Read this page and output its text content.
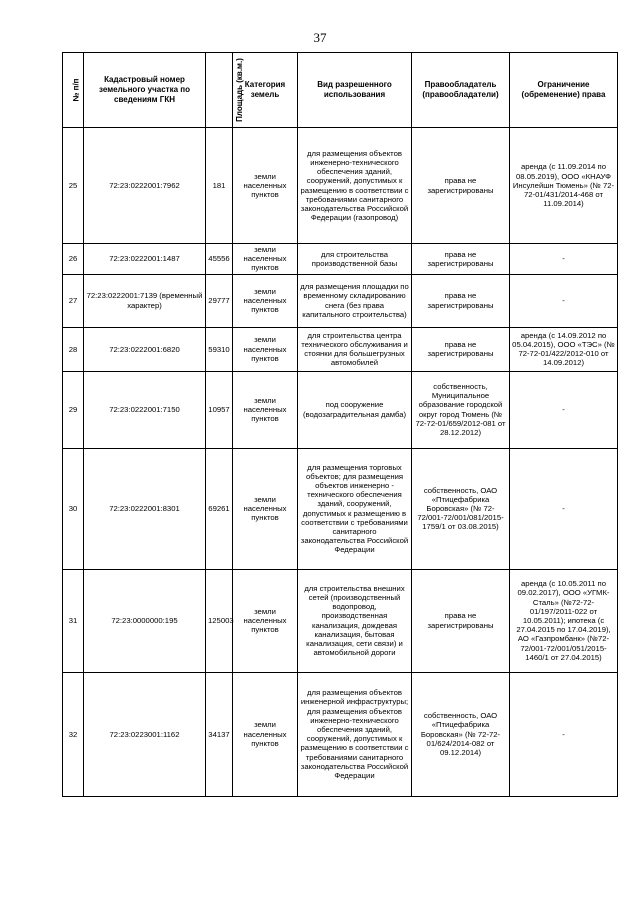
37
№ п/п	Кадастровый номер земельного участка по сведениям ГКН	Площадь (кв.м.)	Категория земель	Вид разрешенного использования	Правообладатель (правообладатели)	Ограничение (обременение) права
25	72:23:0222001:7962	181	земли населенных пунктов	для размещения объектов инженерно-технического обеспечения зданий, сооружений, допустимых к размещению в соответствии с требованиями санитарного законодательства Российской Федерации (газопровод)	права не зарегистрированы	аренда (с 11.09.2014 по 08.05.2019), ООО «КНАУФ Инсулейшн Тюмень» (№ 72-72-01/431/2014-468 от 11.09.2014)
26	72:23:0222001:1487	45556	земли населенных пунктов	для строительства производственной базы	права не зарегистрированы	-
27	72:23:0222001:7139 (временный характер)	29777	земли населенных пунктов	для размещения площадки по временному складированию снега (без права капитального строительства)	права не зарегистрированы	-
28	72:23:0222001:6820	59310	земли населенных пунктов	для строительства центра технического обслуживания и стоянки для большегрузных автомобилей	права не зарегистрированы	аренда (с 14.09.2012 по 05.04.2015), ООО «ТЭС» (№ 72-72-01/422/2012-010 от 14.09.2012)
29	72:23:0222001:7150	10957	земли населенных пунктов	под сооружение (водозаградительная дамба)	собственность, Муниципальное образование городской округ город Тюмень (№ 72-72-01/659/2012-081 от 28.12.2012)	-
30	72:23:0222001:8301	69261	земли населенных пунктов	для размещения торговых объектов; для размещения объектов инженерно - технического обеспечения зданий, сооружений, допустимых к размещению в соответствии с требованиями санитарного законодательства Российской Федерации	собственность, ОАО «Птицефабрика Боровская» (№ 72-72/001-72/001/081/2015-1759/1 от 03.08.2015)	-
31	72:23:0000000:195	125003	земли населенных пунктов	для строительства внешних сетей (производственный водопровод, производственная канализация, дождевая канализация, бытовая канализация, сети связи) и автомобильной дороги	права не зарегистрированы	аренда (с 10.05.2011 по 09.02.2017), ООО «УГМК-Сталь» (№72-72-01/197/2011-022 от 10.05.2011); ипотека (с 27.04.2015 по 17.04.2019), АО «Газпромбанк» (№72-72/001-72/001/051/2015-1460/1 от 27.04.2015)
32	72:23:0223001:1162	34137	земли населенных пунктов	для размещения объектов инженерной инфраструктуры; для размещения объектов инженерно-технического обеспечения зданий, сооружений, допустимых к размещению в соответствии с требованиями санитарного законодательства Российской Федерации	собственность, ОАО «Птицефабрика Боровская» (№ 72-72-01/624/2014-082 от 09.12.2014)	-
